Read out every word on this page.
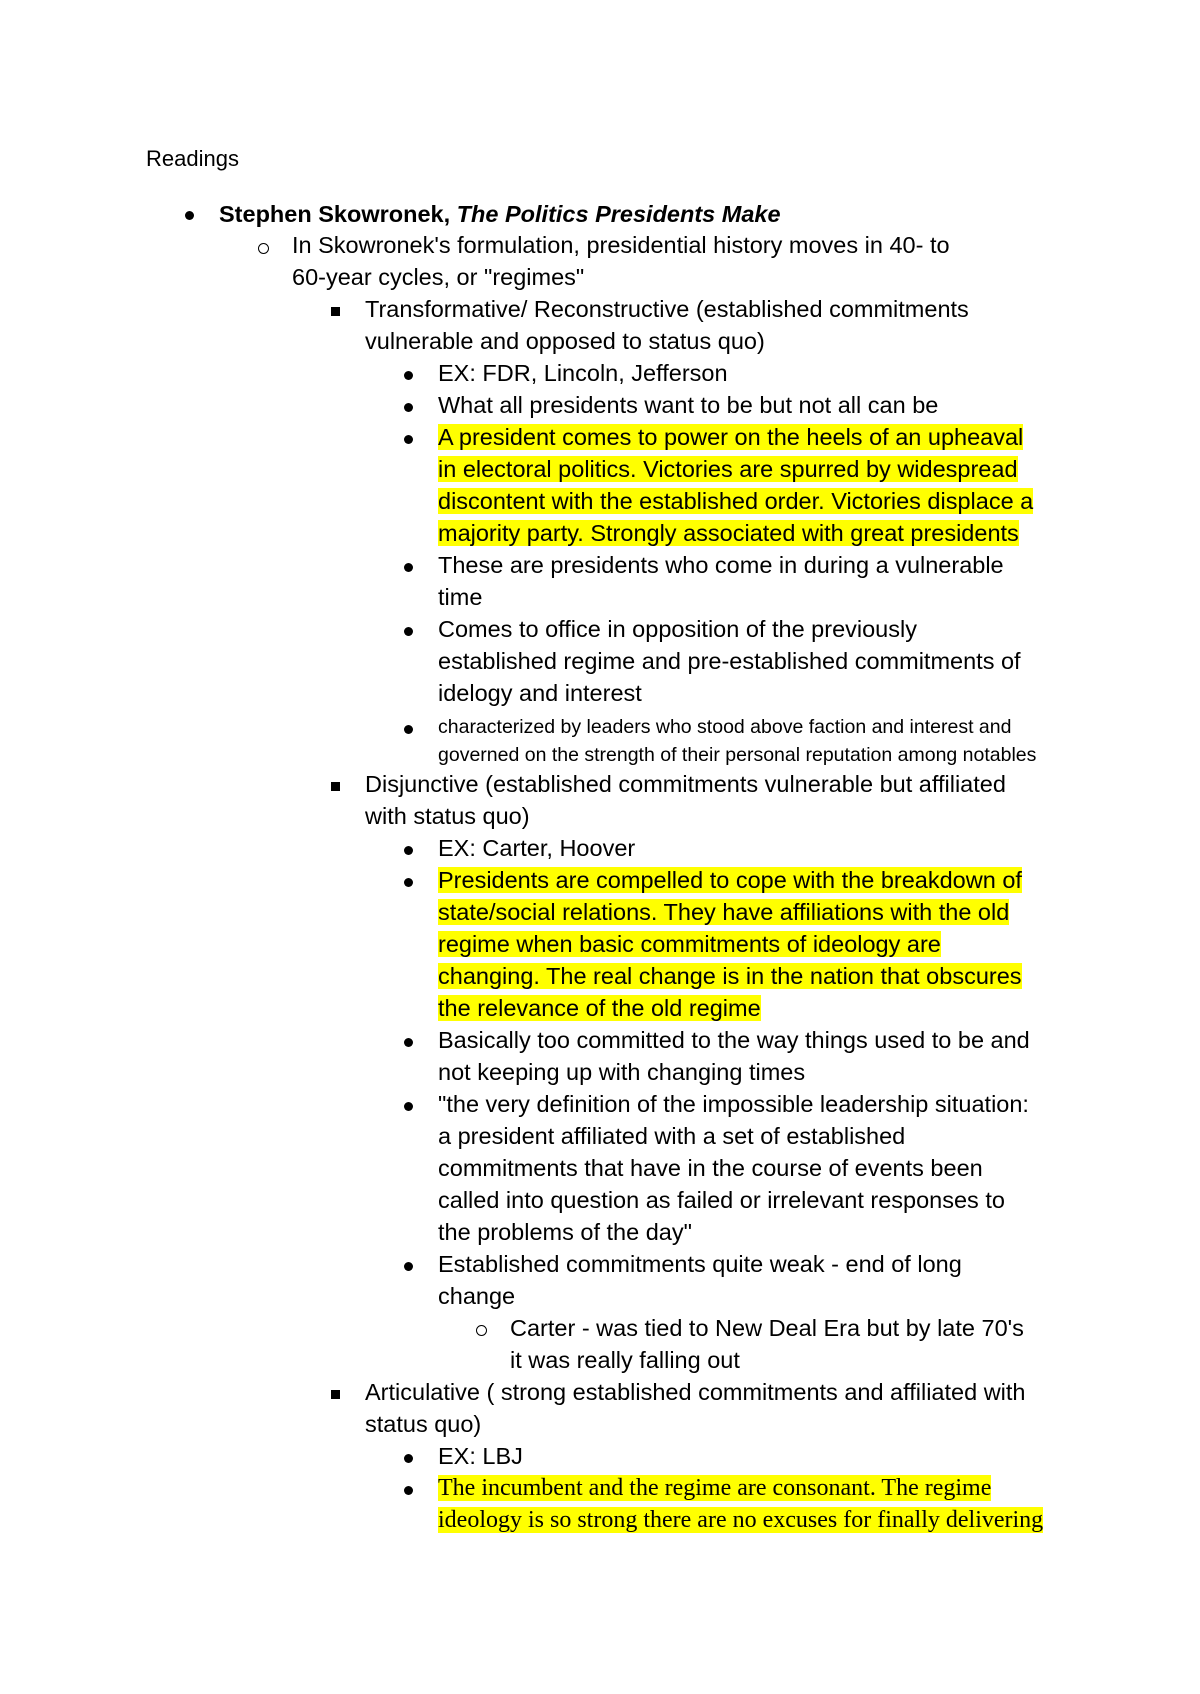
Readings
Stephen Skowronek, The Politics Presidents Make
In Skowronek's formulation, presidential history moves in 40- to
60-year cycles, or "regimes"
Transformative/ Reconstructive (established commitments
vulnerable and opposed to status quo)
EX: FDR, Lincoln, Jefferson
What all presidents want to be but not all can be
A president comes to power on the heels of an upheaval
in electoral politics. Victories are spurred by widespread
discontent with the established order. Victories displace a
majority party. Strongly associated with great presidents
These are presidents who come in during a vulnerable
time
Comes to office in opposition of the previously
established regime and pre-established commitments of
idelogy and interest
characterized by leaders who stood above faction and interest and
governed on the strength of their personal reputation among notables
Disjunctive (established commitments vulnerable but affiliated
with status quo)
EX: Carter, Hoover
Presidents are compelled to cope with the breakdown of
state/social relations. They have affiliations with the old
regime when basic commitments of ideology are
changing. The real change is in the nation that obscures
the relevance of the old regime
Basically too committed to the way things used to be and
not keeping up with changing times
"the very definition of the impossible leadership situation:
a president affiliated with a set of established
commitments that have in the course of events been
called into question as failed or irrelevant responses to
the problems of the day"
Established commitments quite weak - end of long
change
Carter - was tied to New Deal Era but by late 70's
it was really falling out
Articulative ( strong established commitments and affiliated with
status quo)
EX: LBJ
The incumbent and the regime are consonant. The regime
ideology is so strong there are no excuses for finally delivering
